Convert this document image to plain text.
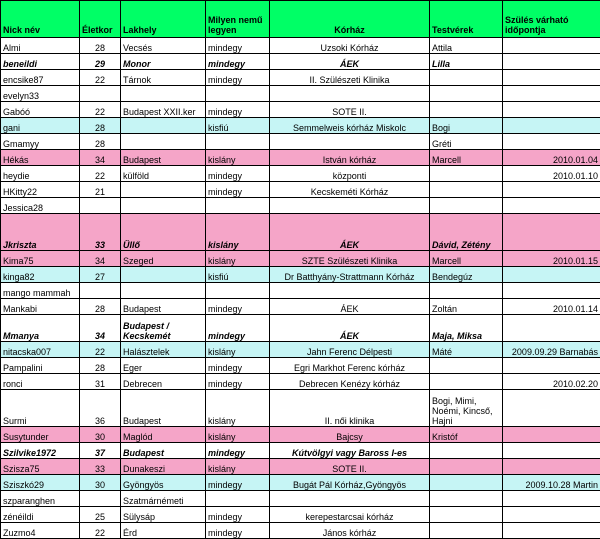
Nick név	Életkor	Lakhely	Milyen nemű legyen	Kórház	Testvérek	Szülés várható időpontja
Almi	28	Vecsés	mindegy	Uzsoki Kórház	Attila	
beneildi	29	Monor	mindegy	ÁEK	Lilla	
encsike87	22	Tárnok	mindegy	II. Szülészeti Klinika		
evelyn33						
Gabóó	22	Budapest XXII.ker	mindegy	SOTE II.		
gani	28		kisfiú	Semmelweis kórház Miskolc	Bogi	
Gmamyy	28				Gréti	
Hékás	34	Budapest	kislány	István kórház	Marcell	2010.01.04
heydie	22	külföld	mindegy	központi		2010.01.10
HKitty22	21		mindegy	Kecskeméti Kórház		
Jessica28						
Jkriszta	33	Üllő	kislány	ÁEK	Dávid, Zétény	
Kima75	34	Szeged	kislány	SZTE Szülészeti Klinika	Marcell	2010.01.15
kinga82	27		kisfiú	Dr Batthyány-Strattmann Kórház	Bendegúz	
mango mammah						
Mankabi	28	Budapest	mindegy	ÁEK	Zoltán	2010.01.14
Mmanya	34	Budapest / Kecskemét	mindegy	ÁEK	Maja, Miksa	
nitacska007	22	Halásztelek	kislány	Jahn Ferenc Délpesti	Máté	2009.09.29 Barnabás
Pampalini	28	Eger	mindegy	Egri Markhot Ferenc kórház		
ronci	31	Debrecen	mindegy	Debrecen Kenézy kórház		2010.02.20
Surmi	36	Budapest	kislány	II. női klinika	Bogi, Mimi, Noémi, Kincső, Hajni	
Susytunder	30	Maglód	kislány	Bajcsy	Kristóf	
Szilvike1972	37	Budapest	mindegy	Kútvölgyi vagy Baross I-es		
Szisza75	33	Dunakeszi	kislány	SOTE II.		
Sziszkó29	30	Gyöngyös	mindegy	Bugát Pál Kórház,Gyöngyös		2009.10.28 Martin
szparanghen		Szatmárnémeti				
zénéildi	25	Sülysáp	mindegy	kerepestarcsai kórház		
Zuzmo4	22	Érd	mindegy	János kórház		
